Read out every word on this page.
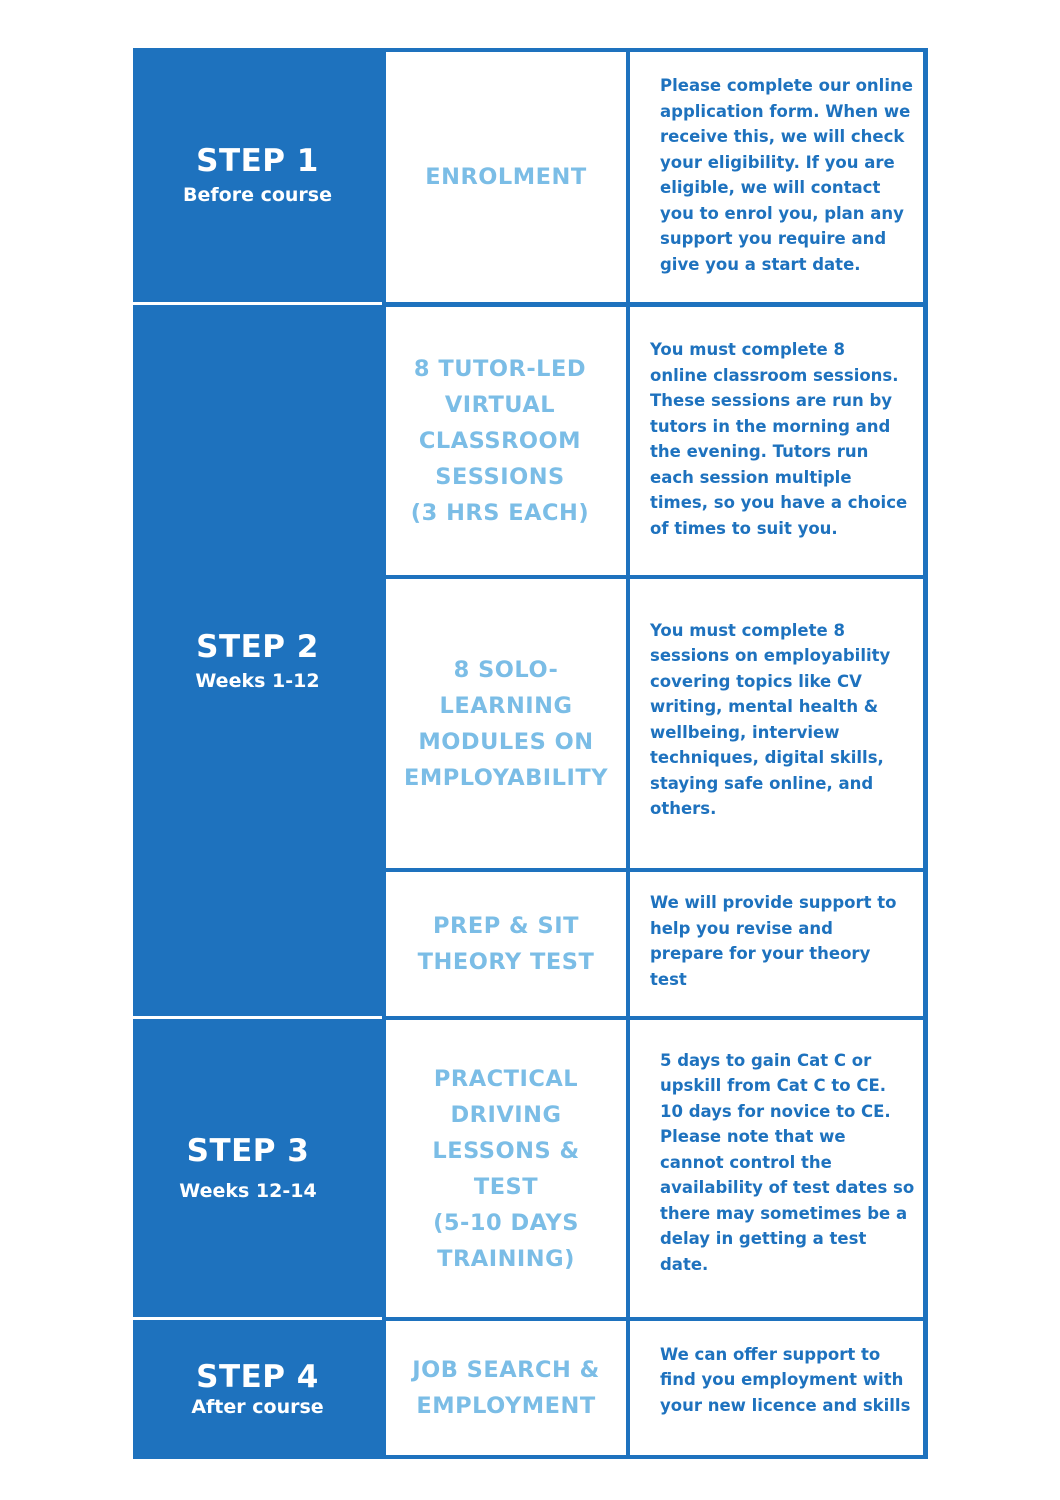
STEP 1
Before course
STEP 2
Weeks 1-12
STEP 3
Weeks 12-14
STEP 4
After course
ENROLMENT
Please complete our online
application form. When we
receive this, we will check
your eligibility. If you are
eligible, we will contact
you to enrol you, plan any
support you require and
give you a start date.
8 TUTOR-LED
VIRTUAL
CLASSROOM
SESSIONS
(3 HRS EACH)
You must complete 8
online classroom sessions.
These sessions are run by
tutors in the morning and
the evening. Tutors run
each session multiple
times, so you have a choice
of times to suit you.
8 SOLO-
LEARNING
MODULES ON
EMPLOYABILITY
You must complete 8
sessions on employability
covering topics like CV
writing, mental health &
wellbeing, interview
techniques, digital skills,
staying safe online, and
others.
PREP & SIT
THEORY TEST
We will provide support to
help you revise and
prepare for your theory
test
PRACTICAL
DRIVING
LESSONS &
TEST
(5-10 DAYS
TRAINING)
5 days to gain Cat C or
upskill from Cat C to CE.
10 days for novice to CE.
Please note that we
cannot control the
availability of test dates so
there may sometimes be a
delay in getting a test
date.
JOB SEARCH &
EMPLOYMENT
We can offer support to
find you employment with
your new licence and skills
